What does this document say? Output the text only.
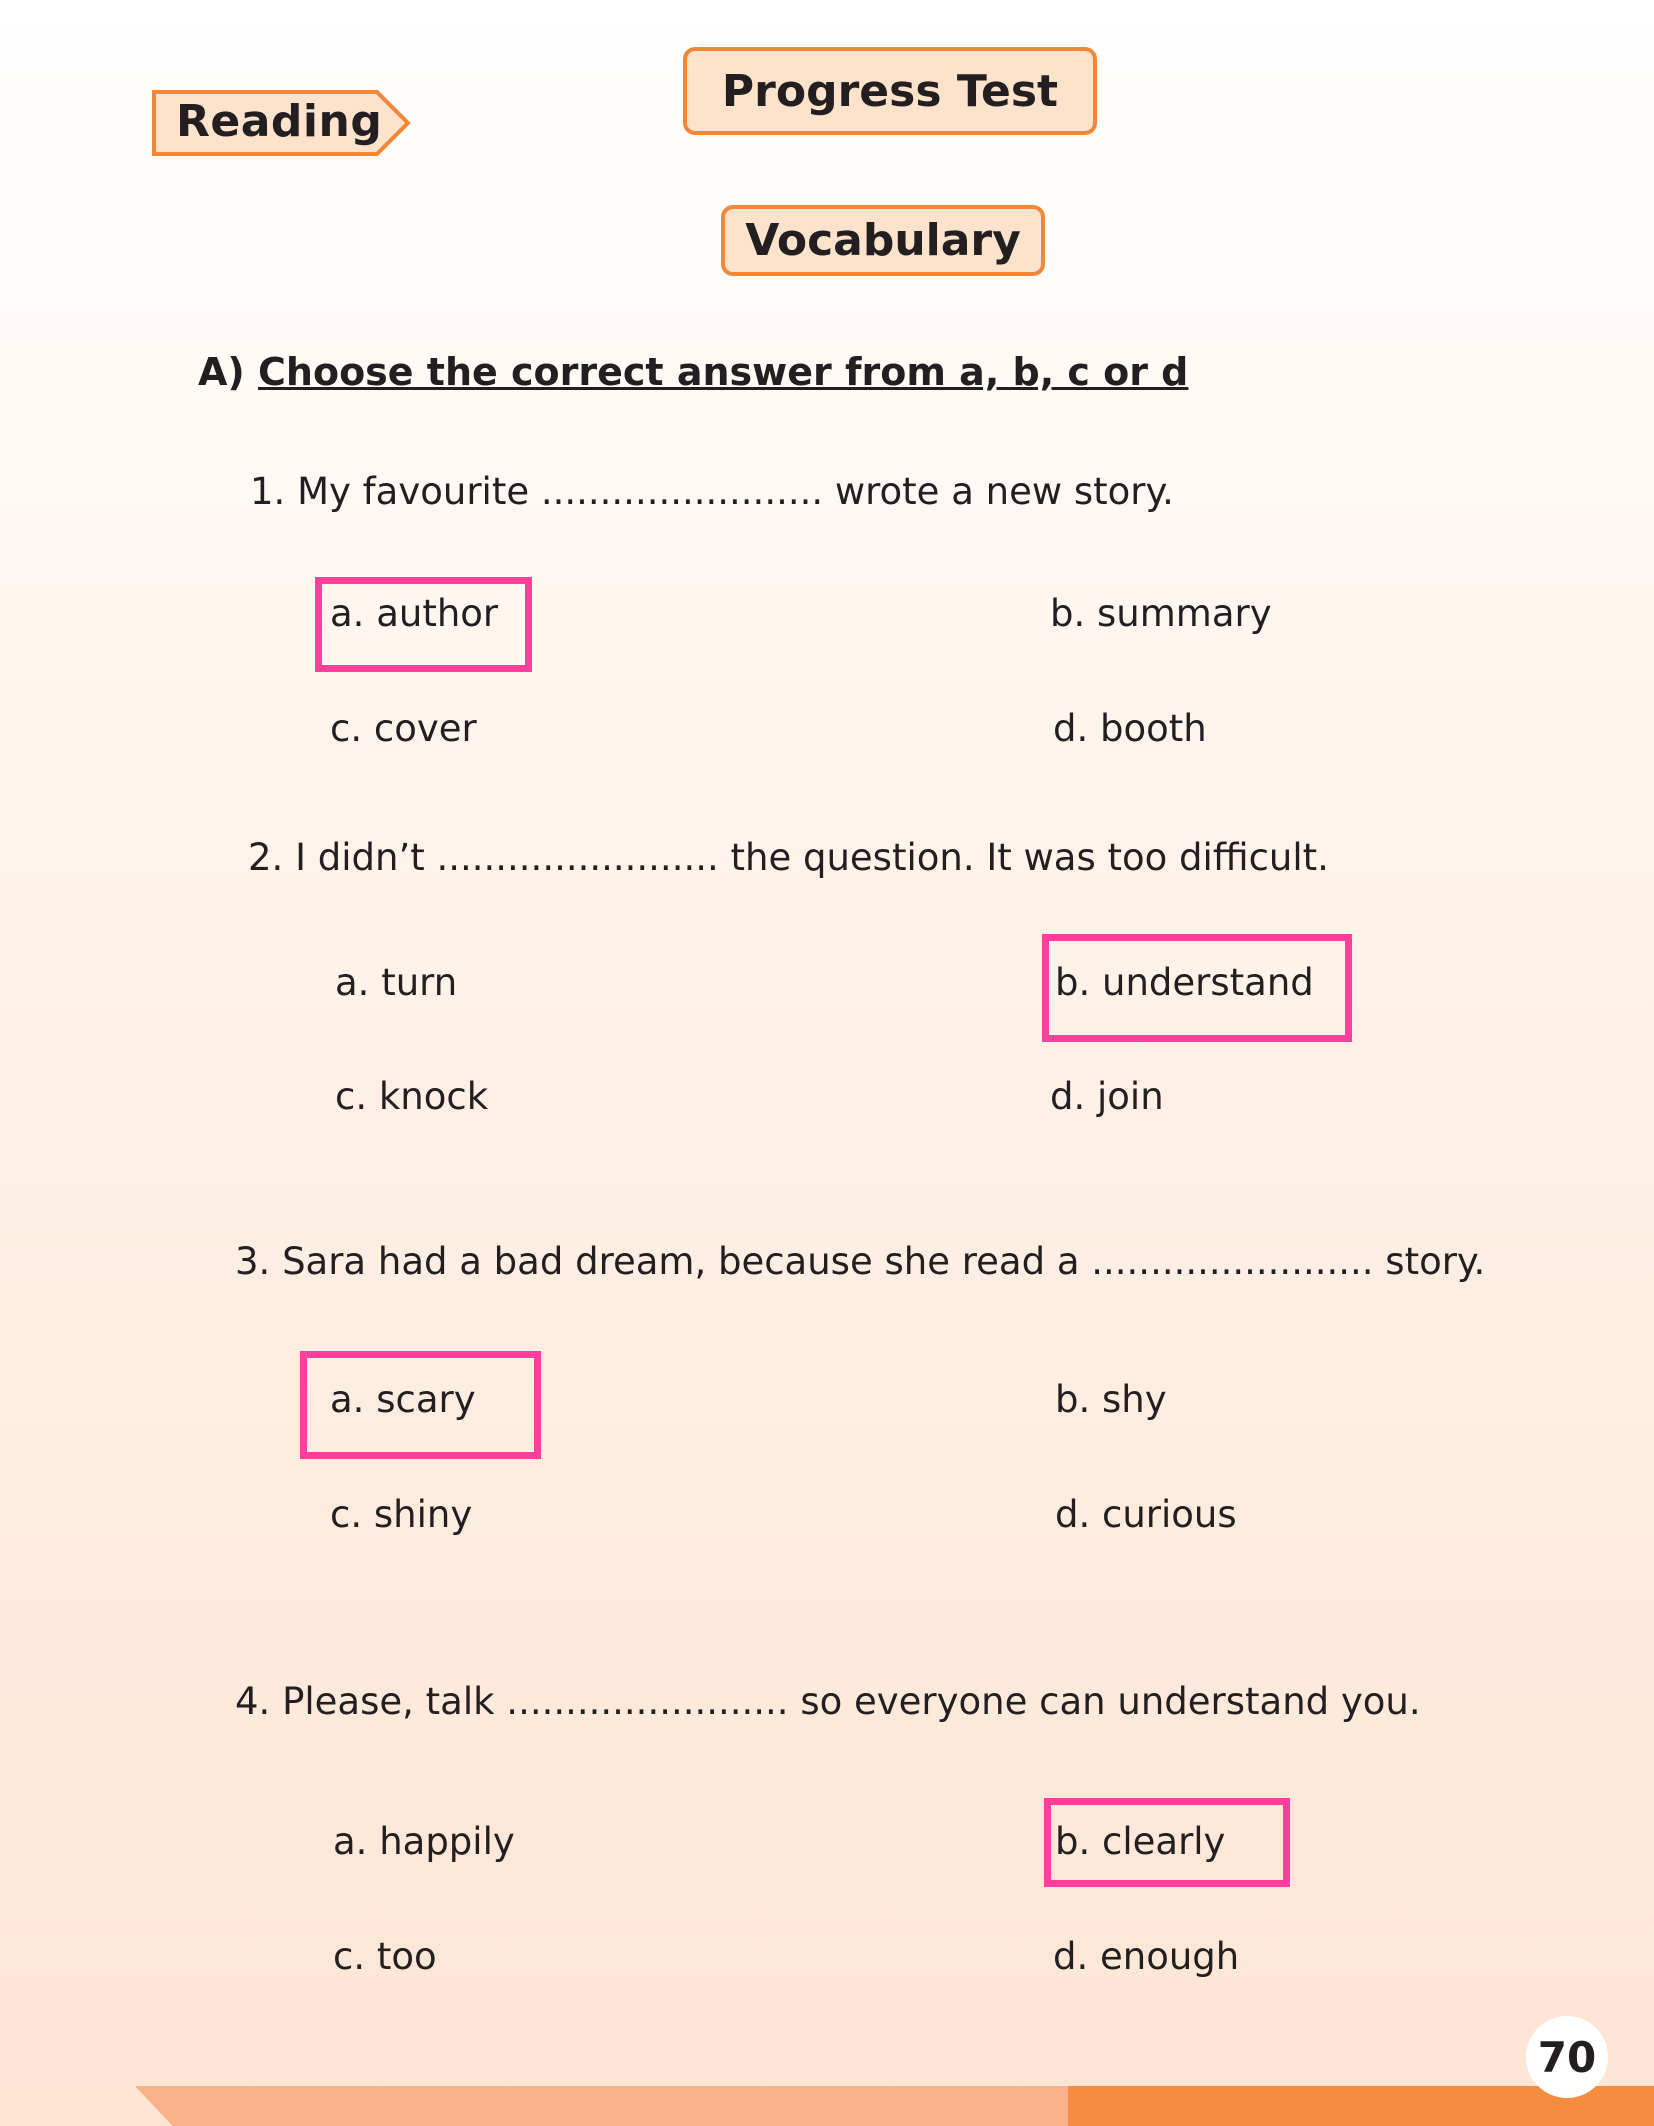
Reading
Progress Test
Vocabulary
A) Choose the correct answer from a, b, c or d
1. My favourite ........................ wrote a new story.
a. author	b. summary
c. cover	d. booth
2. I didn’t ........................ the question. It was too difficult.
a. turn	b. understand
c. knock	d. join
3. Sara had a bad dream, because she read a ........................ story.
a. scary	b. shy
c. shiny	d. curious
4. Please, talk ........................ so everyone can understand you.
a. happily	b. clearly
c. too	d. enough
70
